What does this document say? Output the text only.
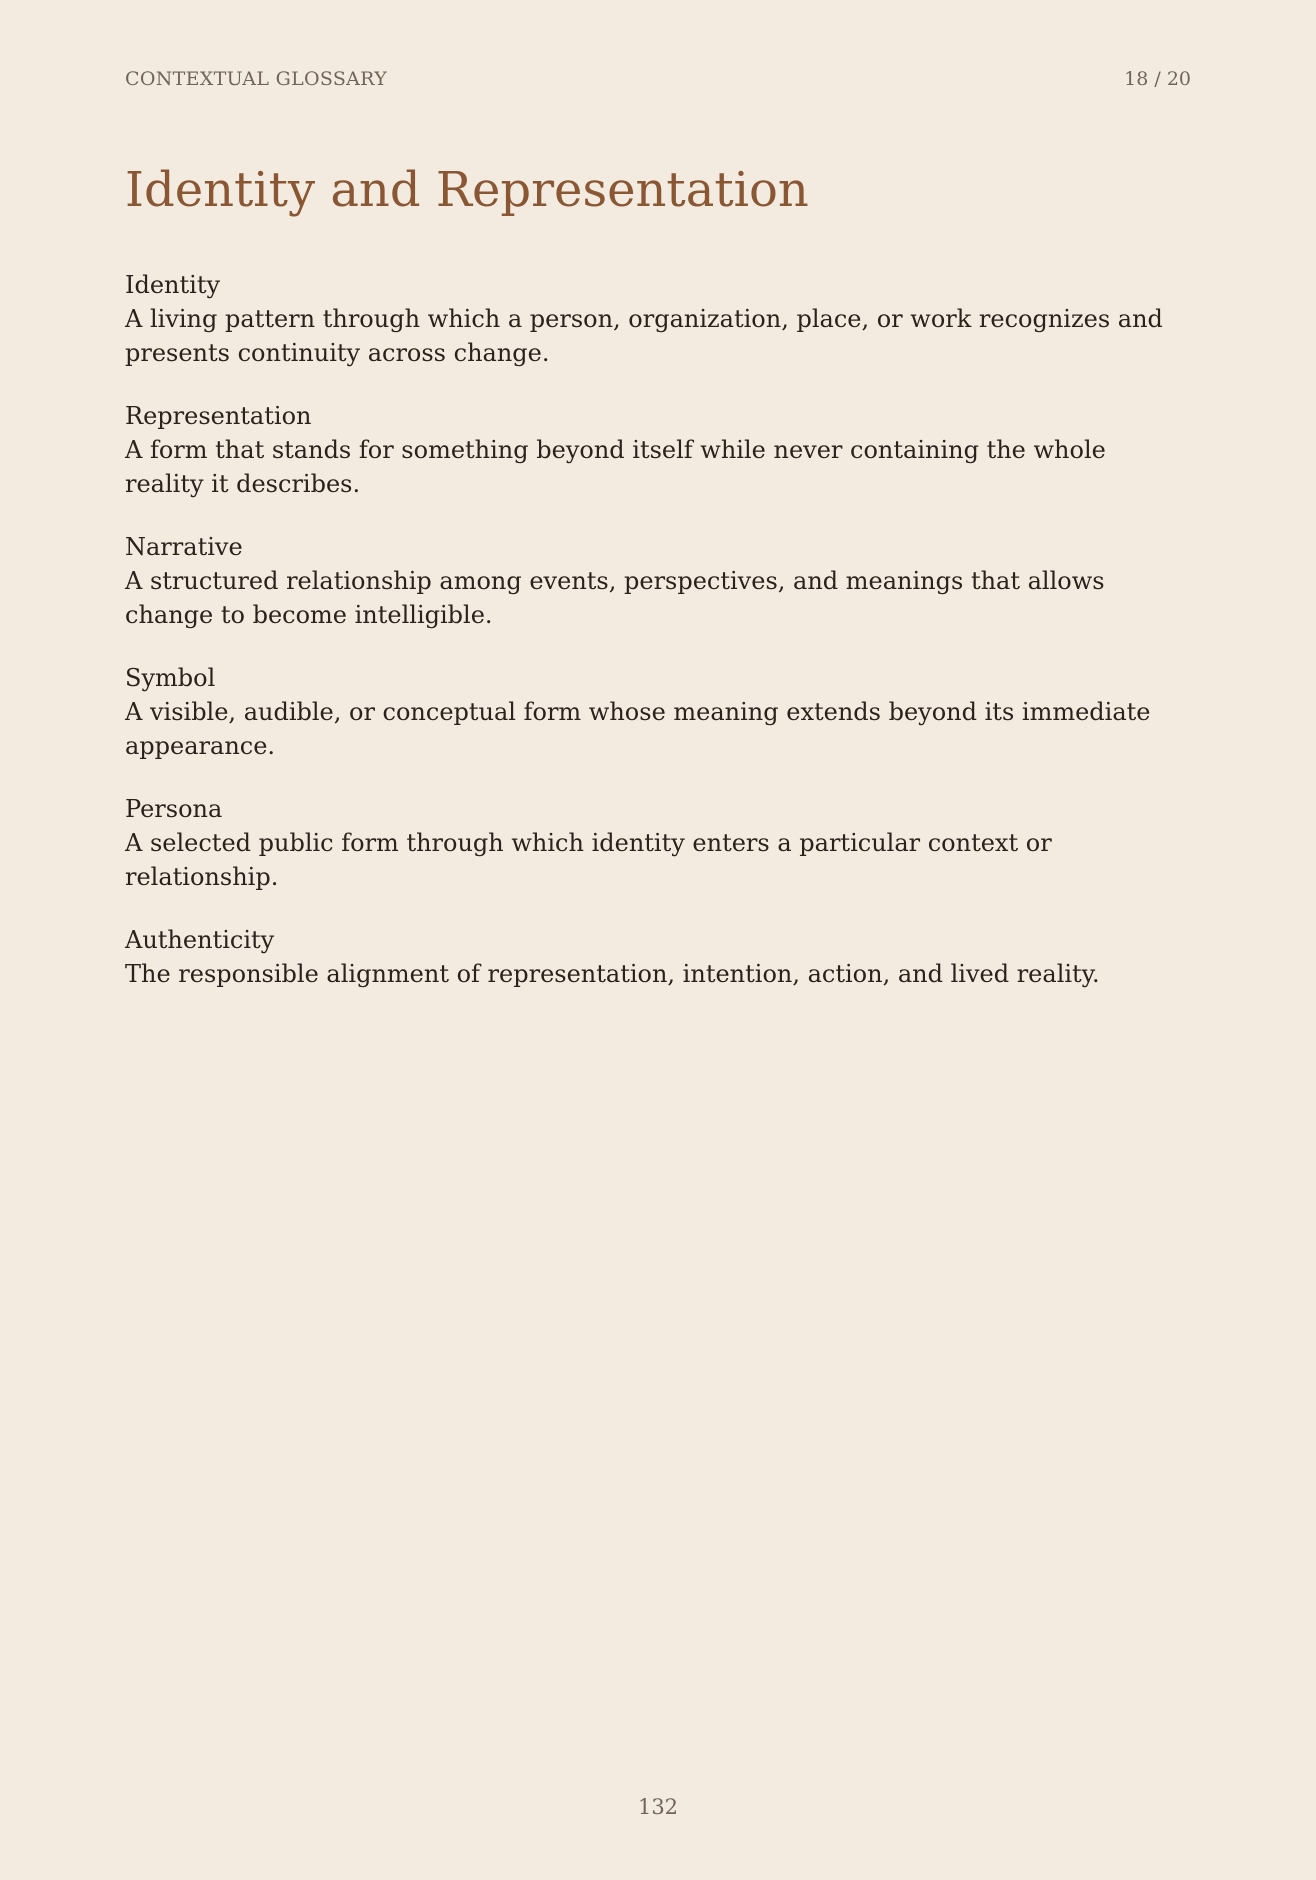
CONTEXTUAL GLOSSARY	18 / 20
Identity and Representation
Identity
A living pattern through which a person, organization, place, or work recognizes and presents continuity across change.
Representation
A form that stands for something beyond itself while never containing the whole reality it describes.
Narrative
A structured relationship among events, perspectives, and meanings that allows change to become intelligible.
Symbol
A visible, audible, or conceptual form whose meaning extends beyond its immediate appearance.
Persona
A selected public form through which identity enters a particular context or relationship.
Authenticity
The responsible alignment of representation, intention, action, and lived reality.
132
